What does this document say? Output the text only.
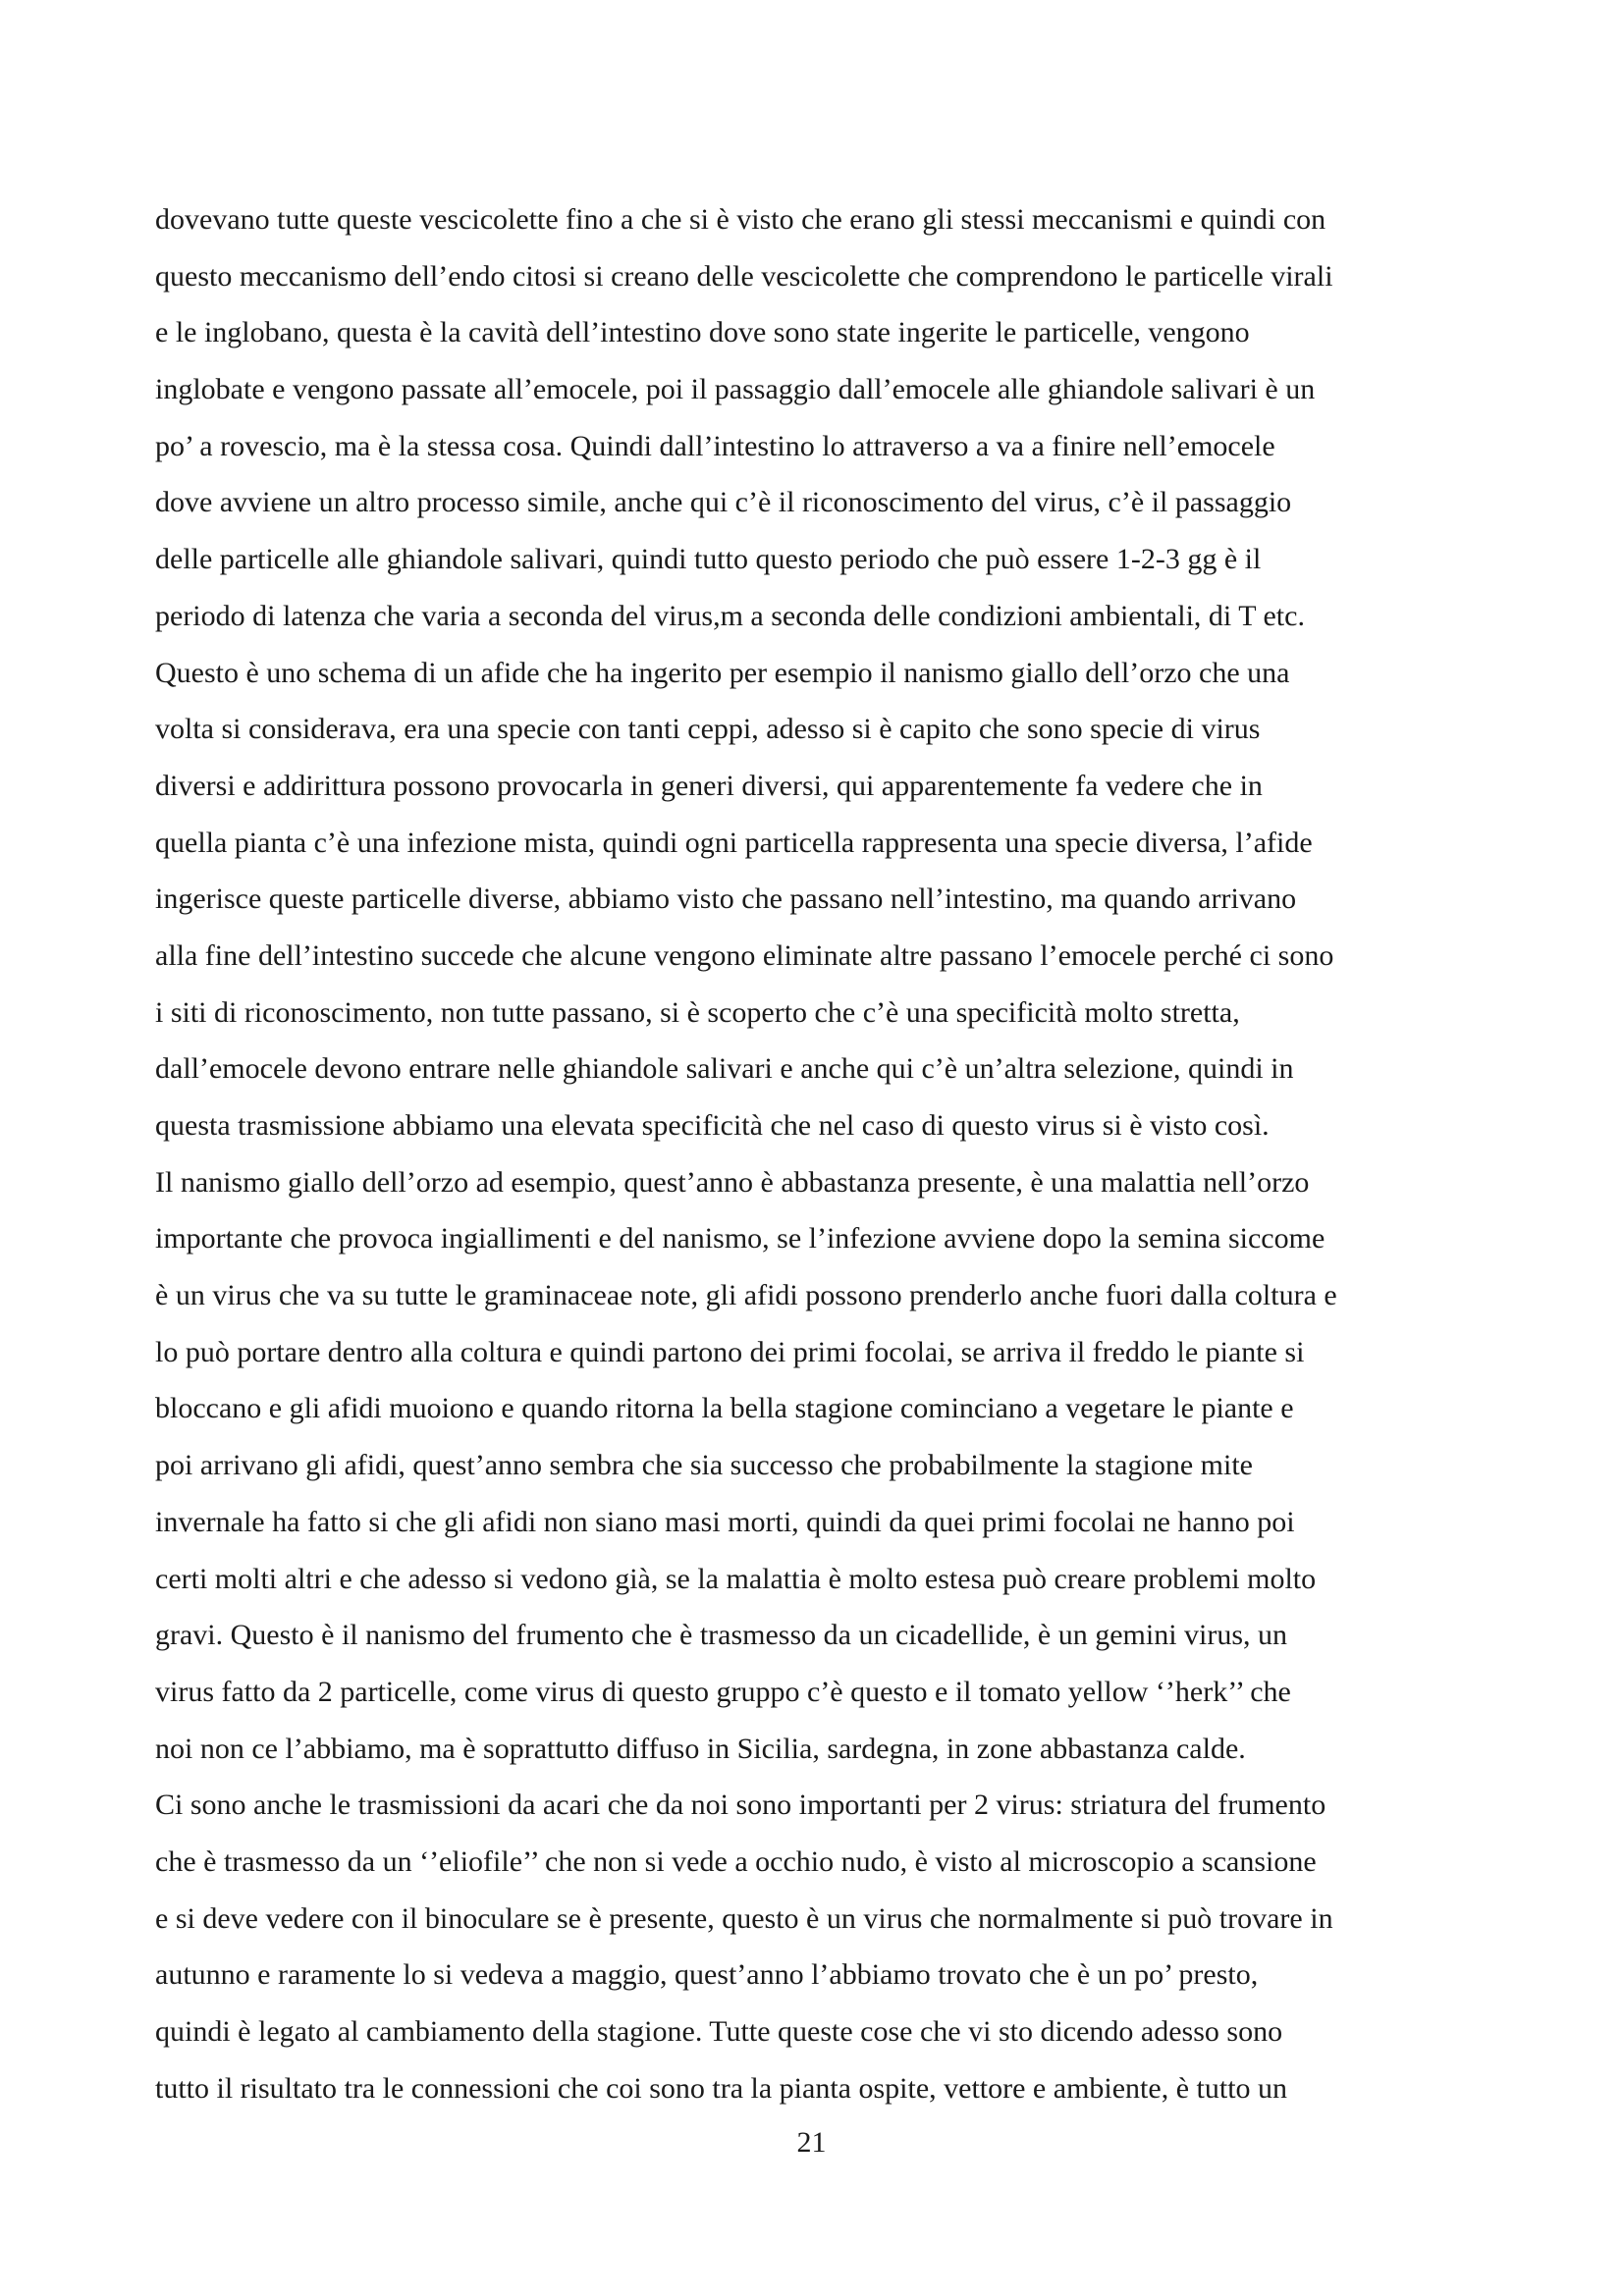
dovevano tutte queste vescicolette fino a che si è visto che erano gli stessi meccanismi e quindi con
questo meccanismo dell’endo citosi si creano delle vescicolette che comprendono le particelle virali
e le inglobano, questa è la cavità dell’intestino dove sono state ingerite le particelle, vengono
inglobate e vengono passate all’emocele, poi il passaggio dall’emocele alle ghiandole salivari è un
po’ a rovescio, ma è la stessa cosa. Quindi dall’intestino lo attraverso a va a finire nell’emocele
dove avviene un altro processo simile, anche qui c’è il riconoscimento del virus, c’è il passaggio
delle particelle alle ghiandole salivari, quindi tutto questo periodo che può essere 1-2-3 gg è il
periodo di latenza che varia a seconda del virus,m a seconda delle condizioni ambientali, di T etc.
Questo è uno schema di un afide che ha ingerito per esempio il nanismo giallo dell’orzo che una
volta si considerava, era una specie con tanti ceppi, adesso si è capito che sono specie di virus
diversi e addirittura possono provocarla in generi diversi, qui apparentemente fa vedere che in
quella pianta c’è una infezione mista, quindi ogni particella rappresenta una specie diversa, l’afide
ingerisce queste particelle diverse, abbiamo visto che passano nell’intestino, ma quando arrivano
alla fine dell’intestino succede che alcune vengono eliminate altre passano l’emocele perché ci sono
i siti di riconoscimento, non tutte passano, si è scoperto che c’è una specificità molto stretta,
dall’emocele devono entrare nelle ghiandole salivari e anche qui c’è un’altra selezione, quindi in
questa trasmissione abbiamo una elevata specificità che nel caso di questo virus si è visto così.
Il nanismo giallo dell’orzo ad esempio, quest’anno è abbastanza presente, è una malattia nell’orzo
importante che provoca ingiallimenti e del nanismo, se l’infezione avviene dopo la semina siccome
è un virus che va su tutte le graminaceae note, gli afidi possono prenderlo anche fuori dalla coltura e
lo può portare dentro alla coltura e quindi partono dei primi focolai, se arriva il freddo le piante si
bloccano e gli afidi muoiono e quando ritorna la bella stagione cominciano a vegetare le piante e
poi arrivano gli afidi, quest’anno sembra che sia successo che probabilmente la stagione mite
invernale ha fatto si che gli afidi non siano masi morti, quindi da quei primi focolai ne hanno poi
certi molti altri e che adesso si vedono già, se la malattia è molto estesa può creare problemi molto
gravi. Questo è il nanismo del frumento che è trasmesso da un cicadellide, è un gemini virus, un
virus fatto da 2 particelle, come virus di questo gruppo c’è questo e il tomato yellow ‘’herk’’ che
noi non ce l’abbiamo, ma è soprattutto diffuso in Sicilia, sardegna, in zone abbastanza calde.
Ci sono anche le trasmissioni da acari che da noi sono importanti per 2 virus: striatura del frumento
che è trasmesso da un ‘’eliofile’’ che non si vede a occhio nudo, è visto al microscopio a scansione
e si deve vedere con il binoculare se è presente, questo è un virus che normalmente si può trovare in
autunno e raramente lo si vedeva a maggio, quest’anno l’abbiamo trovato che è un po’ presto,
quindi è legato al cambiamento della stagione. Tutte queste cose che vi sto dicendo adesso sono
tutto il risultato tra le connessioni che coi sono tra la pianta ospite, vettore e ambiente, è tutto un
21
